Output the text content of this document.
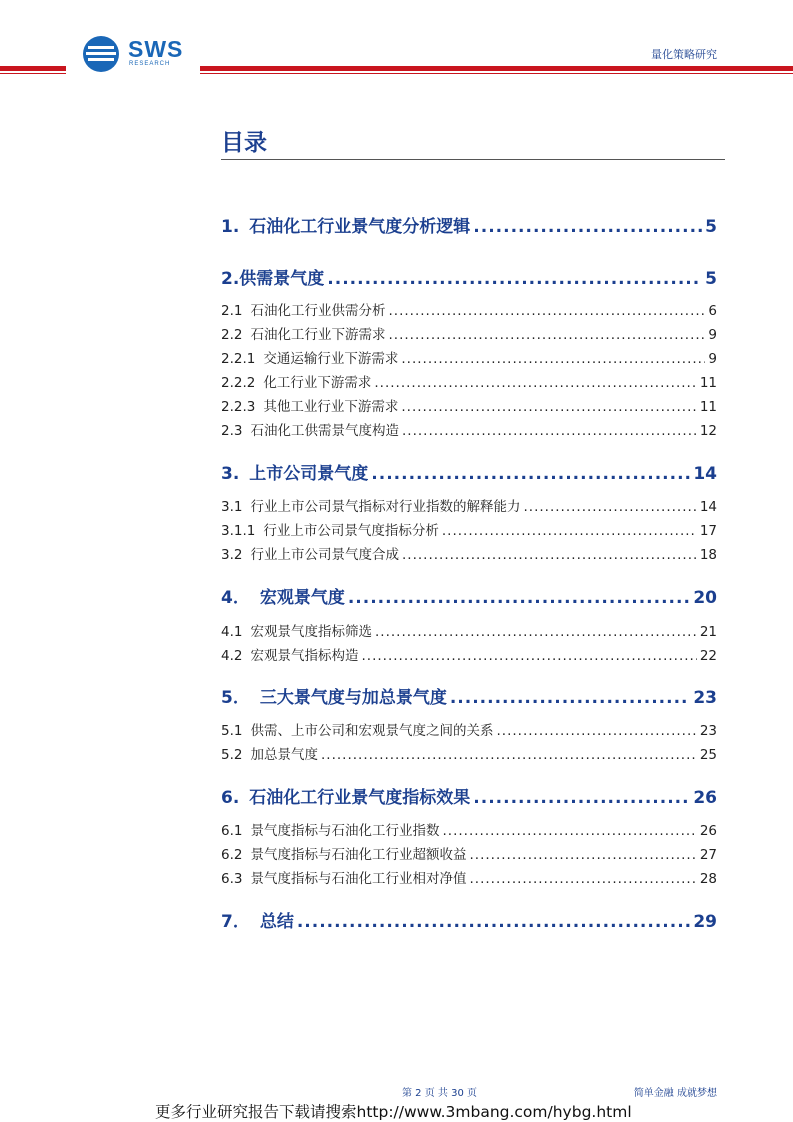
SWS
RESEARCH
量化策略研究
目录
1. 石油化工行业景气度分析逻辑 .....	5
2. 供需景气度 .....	5
2.1 石油化工行业供需分析 .....	6
2.2 石油化工行业下游需求 .....	9
2.2.1 交通运输行业下游需求 .....	9
2.2.2 化工行业下游需求 .....	11
2.2.3 其他工业行业下游需求 .....	11
2.3 石油化工供需景气度构造 .....	12
3. 上市公司景气度 .....	14
3.1 行业上市公司景气指标对行业指数的解释能力 .....	14
3.1.1 行业上市公司景气度指标分析 .....	17
3.2 行业上市公司景气度合成 .....	18
4． 宏观景气度 .....	20
4.1 宏观景气度指标筛选 .....	21
4.2 宏观景气指标构造 .....	22
5． 三大景气度与加总景气度 .....	23
5.1 供需、上市公司和宏观景气度之间的关系 .....	23
5.2 加总景气度 .....	25
6. 石油化工行业景气度指标效果 .....	26
6.1 景气度指标与石油化工行业指数 .....	26
6.2 景气度指标与石油化工行业超额收益 .....	27
6.3 景气度指标与石油化工行业相对净值 .....	28
7． 总结 .....	29
第 2 页 共 30 页	简单金融 成就梦想
更多行业研究报告下载请搜索http://www.3mbang.com/hybg.html
